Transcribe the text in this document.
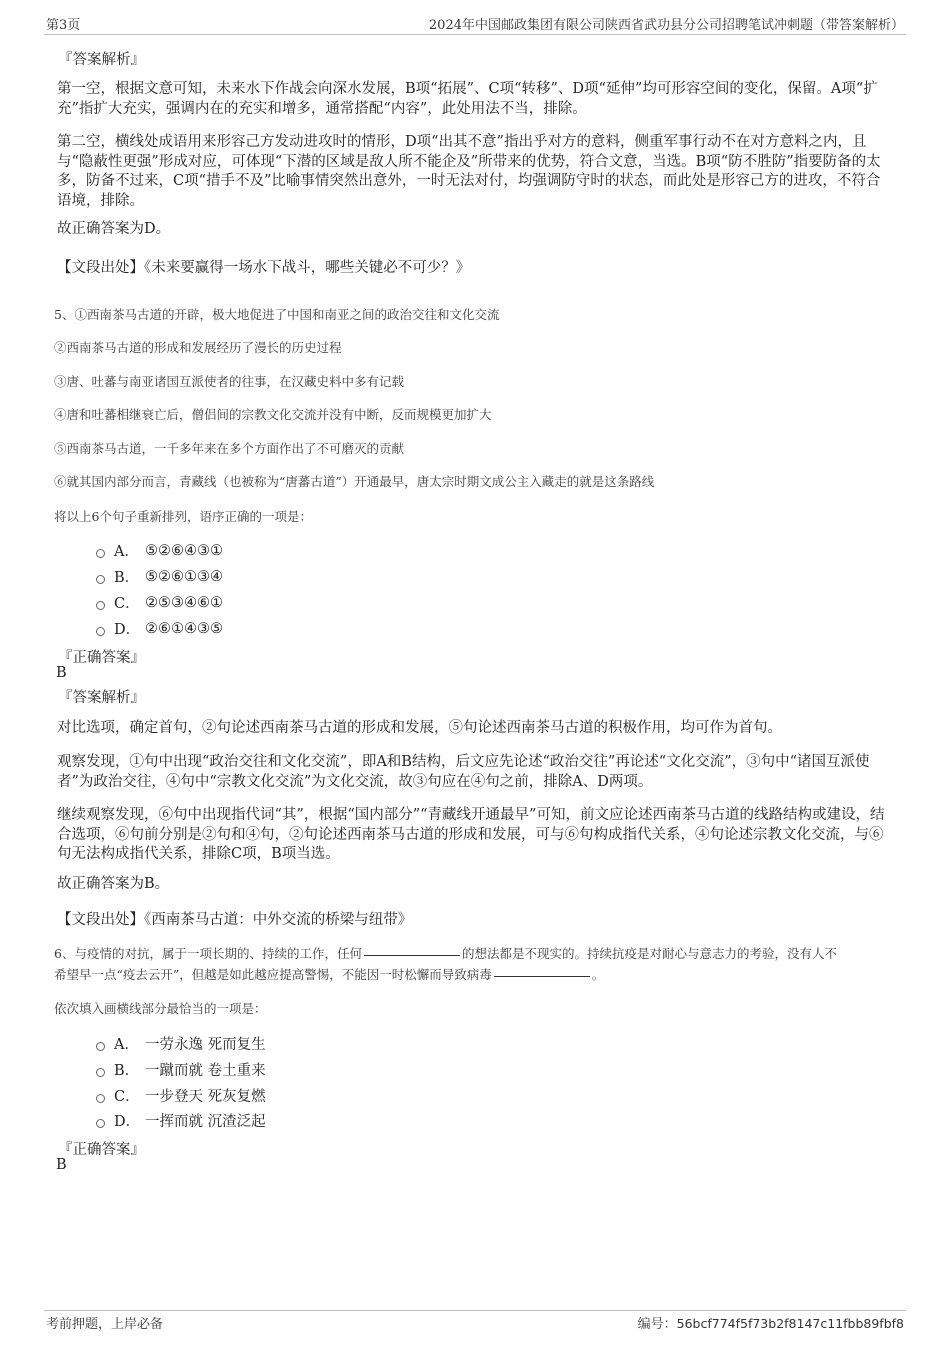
第3页	2024年中国邮政集团有限公司陕西省武功县分公司招聘笔试冲刺题（带答案解析）
『答案解析』
第一空，根据文意可知，未来水下作战会向深水发展，B项“拓展”、C项“转移”、D项“延伸”均可形容空间的变化，保留。A项“扩充”指扩大充实，强调内在的充实和增多，通常搭配“内容”，此处用法不当，排除。
第二空，横线处成语用来形容己方发动进攻时的情形，D项“出其不意”指出乎对方的意料，侧重军事行动不在对方意料之内，且与“隐蔽性更强”形成对应，可体现“下潜的区域是敌人所不能企及”所带来的优势，符合文意，当选。B项“防不胜防”指要防备的太多，防备不过来，C项“措手不及”比喻事情突然出意外，一时无法对付，均强调防守时的状态，而此处是形容己方的进攻，不符合语境，排除。
故正确答案为D。
【文段出处】《未来要赢得一场水下战斗，哪些关键必不可少？》
5、①西南茶马古道的开辟，极大地促进了中国和南亚之间的政治交往和文化交流
②西南茶马古道的形成和发展经历了漫长的历史过程
③唐、吐蕃与南亚诸国互派使者的往事，在汉藏史料中多有记载
④唐和吐蕃相继衰亡后，僧侣间的宗教文化交流并没有中断，反而规模更加扩大
⑤西南茶马古道，一千多年来在多个方面作出了不可磨灭的贡献
⑥就其国内部分而言，青藏线（也被称为“唐蕃古道”）开通最早，唐太宗时期文成公主入藏走的就是这条路线
将以上6个句子重新排列，语序正确的一项是：
A． ⑤②⑥④③①
B． ⑤②⑥①③④
C． ②⑤③④⑥①
D． ②⑥①④③⑤
『正确答案』
B
『答案解析』
对比选项，确定首句，②句论述西南茶马古道的形成和发展，⑤句论述西南茶马古道的积极作用，均可作为首句。
观察发现，①句中出现“政治交往和文化交流”，即A和B结构，后文应先论述“政治交往”再论述“文化交流”，③句中“诸国互派使者”为政治交往，④句中“宗教文化交流”为文化交流，故③句应在④句之前，排除A、D两项。
继续观察发现，⑥句中出现指代词“其”，根据“国内部分”“青藏线开通最早”可知，前文应论述西南茶马古道的线路结构或建设，结合选项，⑥句前分别是②句和④句，②句论述西南茶马古道的形成和发展，可与⑥句构成指代关系，④句论述宗教文化交流，与⑥句无法构成指代关系，排除C项，B项当选。
故正确答案为B。
【文段出处】《西南茶马古道：中外交流的桥梁与纽带》
6、与疫情的对抗，属于一项长期的、持续的工作，任何	的想法都是不现实的。持续抗疫是对耐心与意志力的考验，没有人不
希望早一点“疫去云开”，但越是如此越应提高警惕，不能因一时松懈而导致病毒	。
依次填入画横线部分最恰当的一项是：
A． 一劳永逸 死而复生
B． 一蹴而就 卷土重来
C． 一步登天 死灰复燃
D． 一挥而就 沉渣泛起
『正确答案』
B
考前押题，上岸必备	编号：56bcf774f5f73b2f8147c11fbb89fbf8
